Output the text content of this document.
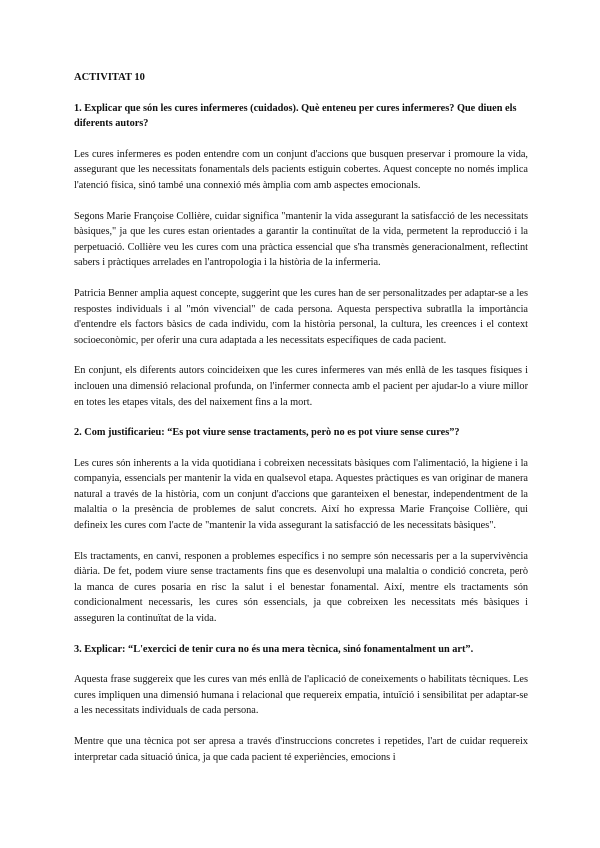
ACTIVITAT 10
1. Explicar que són les cures infermeres (cuidados). Què enteneu per cures infermeres? Que diuen els diferents autors?

Les cures infermeres es poden entendre com un conjunt d'accions que busquen preservar i promoure la vida, assegurant que les necessitats fonamentals dels pacients estiguin cobertes. Aquest concepte no només implica l'atenció física, sinó també una connexió més àmplia com amb aspectes emocionals.

Segons Marie Françoise Collière, cuidar significa "mantenir la vida assegurant la satisfacció de les necessitats bàsiques," ja que les cures estan orientades a garantir la continuïtat de la vida, permetent la reproducció i la perpetuació. Collière veu les cures com una pràctica essencial que s'ha transmès generacionalment, reflectint sabers i pràctiques arrelades en l'antropologia i la història de la infermeria.

Patricia Benner amplia aquest concepte, suggerint que les cures han de ser personalitzades per adaptar-se a les respostes individuals i al "món vivencial" de cada persona. Aquesta perspectiva subratlla la importància d'entendre els factors bàsics de cada individu, com la història personal, la cultura, les creences i el context socioeconòmic, per oferir una cura adaptada a les necessitats específiques de cada pacient.

En conjunt, els diferents autors coincideixen que les cures infermeres van més enllà de les tasques físiques i inclouen una dimensió relacional profunda, on l'infermer connecta amb el pacient per ajudar-lo a viure millor en totes les etapes vitals, des del naixement fins a la mort.

2. Com justificarieu: “Es pot viure sense tractaments, però no es pot viure sense cures”?

Les cures són inherents a la vida quotidiana i cobreixen necessitats bàsiques com l'alimentació, la higiene i la companyia, essencials per mantenir la vida en qualsevol etapa. Aquestes pràctiques es van originar de manera natural a través de la història, com un conjunt d'accions que garanteixen el benestar, independentment de la malaltia o la presència de problemes de salut concrets. Així ho expressa Marie Françoise Collière, qui defineix les cures com l'acte de "mantenir la vida assegurant la satisfacció de les necessitats bàsiques".

Els tractaments, en canvi, responen a problemes específics i no sempre són necessaris per a la supervivència diària. De fet, podem viure sense tractaments fins que es desenvolupi una malaltia o condició concreta, però la manca de cures posaria en risc la salut i el benestar fonamental. Així, mentre els tractaments són condicionalment necessaris, les cures són essencials, ja que cobreixen les necessitats més bàsiques i asseguren la continuïtat de la vida.

3. Explicar: “L'exercici de tenir cura no és una mera tècnica, sinó fonamentalment un art”.

Aquesta frase suggereix que les cures van més enllà de l'aplicació de coneixements o habilitats tècniques. Les cures impliquen una dimensió humana i relacional que requereix empatia, intuïció i sensibilitat per adaptar-se a les necessitats individuals de cada persona.

Mentre que una tècnica pot ser apresa a través d'instruccions concretes i repetides, l'art de cuidar requereix interpretar cada situació única, ja que cada pacient té experiències, emocions i
